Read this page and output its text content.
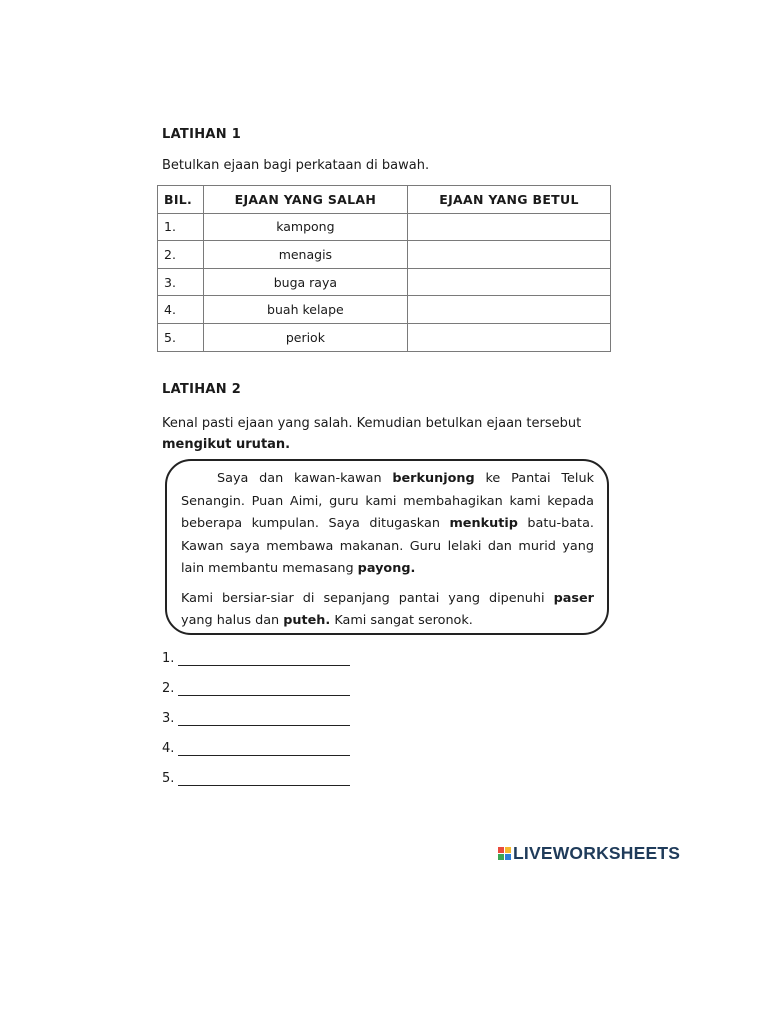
LATIHAN 1
Betulkan ejaan bagi perkataan di bawah.
BIL.	EJAAN YANG SALAH	EJAAN YANG BETUL
1.	kampong	
2.	menagis	
3.	buga raya	
4.	buah kelape	
5.	periok	
LATIHAN 2
Kenal pasti ejaan yang salah. Kemudian betulkan ejaan tersebut
mengikut urutan.

Saya dan kawan-kawan berkunjong ke Pantai Teluk Senangin. Puan Aimi, guru kami membahagikan kami kepada beberapa kumpulan. Saya ditugaskan menkutip batu-bata. Kawan saya membawa makanan. Guru lelaki dan murid yang lain membantu memasang payong.

Kami bersiar-siar di sepanjang pantai yang dipenuhi paser yang halus dan puteh. Kami sangat seronok.

1.
2.
3.
4.
5.
LIVEWORKSHEETS
